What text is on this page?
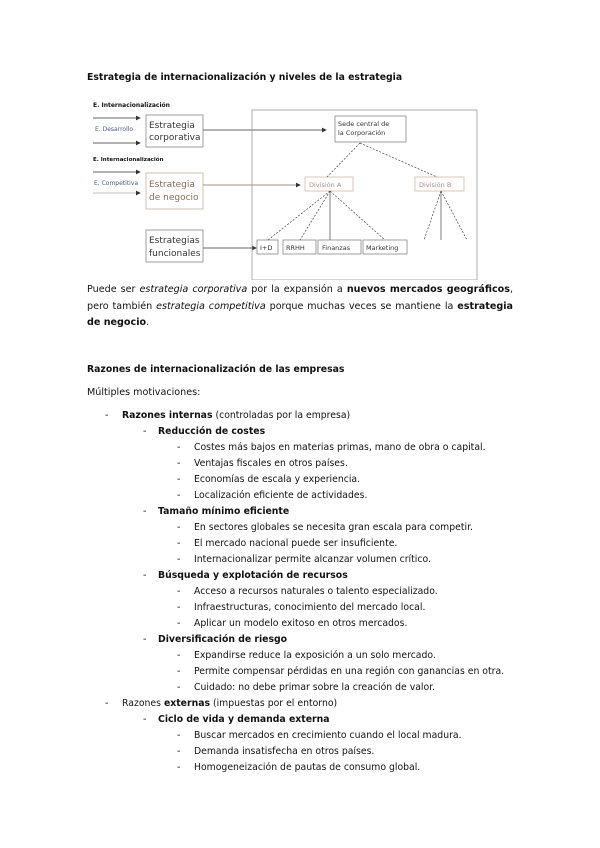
Estrategia de internacionalización y niveles de la estrategia
E. Internacionalización
E. Internacionalización
E. Desarrollo
E. Competitiva
Estrategia
corporativa
Estrategia
de negocio
Estrategias
funcionales
Sede central de
la Corporación
División A	División B
I+D RRHH	Finanzas Marketing
Puede ser estrategia corporativa por la expansión a nuevos mercados geográficos, pero también estrategia competitiva porque muchas veces se mantiene la estrategia de negocio.
Razones de internacionalización de las empresas
Múltiples motivaciones:
- Razones internas (controladas por la empresa)
- Reducción de costes
- Costes más bajos en materias primas, mano de obra o capital.
- Ventajas fiscales en otros países.
- Economías de escala y experiencia.
- Localización eficiente de actividades.
- Tamaño mínimo eficiente
- En sectores globales se necesita gran escala para competir.
- El mercado nacional puede ser insuficiente.
- Internacionalizar permite alcanzar volumen crítico.
- Búsqueda y explotación de recursos
- Acceso a recursos naturales o talento especializado.
- Infraestructuras, conocimiento del mercado local.
- Aplicar un modelo exitoso en otros mercados.
- Diversificación de riesgo
- Expandirse reduce la exposición a un solo mercado.
- Permite compensar pérdidas en una región con ganancias en otra.
- Cuidado: no debe primar sobre la creación de valor.
- Razones externas (impuestas por el entorno)
- Ciclo de vida y demanda externa
- Buscar mercados en crecimiento cuando el local madura.
- Demanda insatisfecha en otros países.
- Homogeneización de pautas de consumo global.
